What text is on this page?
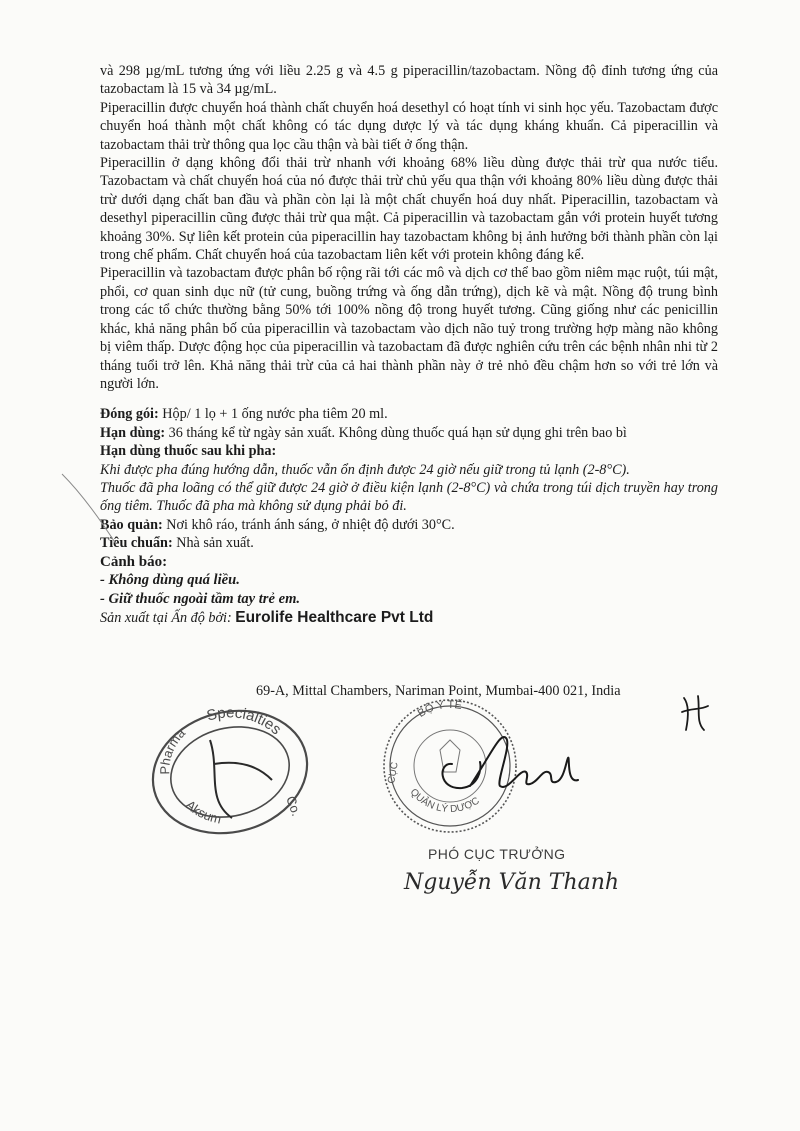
và 298 µg/mL tương ứng với liều 2.25 g và 4.5 g piperacillin/tazobactam. Nồng độ đỉnh tương ứng của tazobactam là 15 và 34 µg/mL.

Piperacillin được chuyển hoá thành chất chuyển hoá desethyl có hoạt tính vi sinh học yếu. Tazobactam được chuyển hoá thành một chất không có tác dụng dược lý và tác dụng kháng khuẩn. Cả piperacillin và tazobactam thải trừ thông qua lọc cầu thận và bài tiết ở ống thận.

Piperacillin ở dạng không đổi thải trừ nhanh với khoảng 68% liều dùng được thải trừ qua nước tiểu. Tazobactam và chất chuyển hoá của nó được thải trừ chủ yếu qua thận với khoảng 80% liều dùng được thải trừ dưới dạng chất ban đầu và phần còn lại là một chất chuyển hoá duy nhất. Piperacillin, tazobactam và desethyl piperacillin cũng được thải trừ qua mật. Cả piperacillin và tazobactam gắn với protein huyết tương khoảng 30%. Sự liên kết protein của piperacillin hay tazobactam không bị ảnh hưởng bởi thành phần còn lại trong chế phẩm. Chất chuyển hoá của tazobactam liên kết với protein không đáng kể.

Piperacillin và tazobactam được phân bố rộng rãi tới các mô và dịch cơ thể bao gồm niêm mạc ruột, túi mật, phổi, cơ quan sinh dục nữ (tử cung, buồng trứng và ống dẫn trứng), dịch kẽ và mật. Nồng độ trung bình trong các tổ chức thường bằng 50% tới 100% nồng độ trong huyết tương. Cũng giống như các penicillin khác, khả năng phân bố của piperacillin và tazobactam vào dịch não tuỷ trong trường hợp màng não không bị viêm thấp. Dược động học của piperacillin và tazobactam đã được nghiên cứu trên các bệnh nhân nhi từ 2 tháng tuổi trở lên. Khả năng thải trừ của cả hai thành phần này ở trẻ nhỏ đều chậm hơn so với trẻ lớn và người lớn.

Đóng gói: Hộp/ 1 lọ + 1 ống nước pha tiêm 20 ml.

Hạn dùng: 36 tháng kể từ ngày sản xuất. Không dùng thuốc quá hạn sử dụng ghi trên bao bì

Hạn dùng thuốc sau khi pha:

Khi được pha đúng hướng dẫn, thuốc vẫn ổn định được 24 giờ nếu giữ trong tủ lạnh (2-8°C).

Thuốc đã pha loãng có thể giữ được 24 giờ ở điều kiện lạnh (2-8°C) và chứa trong túi dịch truyền hay trong ống tiêm. Thuốc đã pha mà không sử dụng phải bỏ đi.

Bảo quản: Nơi khô ráo, tránh ánh sáng, ở nhiệt độ dưới 30°C.

Tiêu chuẩn: Nhà sản xuất.

Cảnh báo:

- Không dùng quá liều.

- Giữ thuốc ngoài tầm tay trẻ em.

Sản xuất tại Ấn độ bởi: Eurolife Healthcare Pvt Ltd

69-A, Mittal Chambers, Nariman Point, Mumbai-400 021, India
Specialties
Pharma
Co.
Aksum
BỘ Y TẾ
CỤC
QUẢN LÝ DƯỢC
PHÓ CỤC TRƯỞNG
Nguyễn Văn Thanh
